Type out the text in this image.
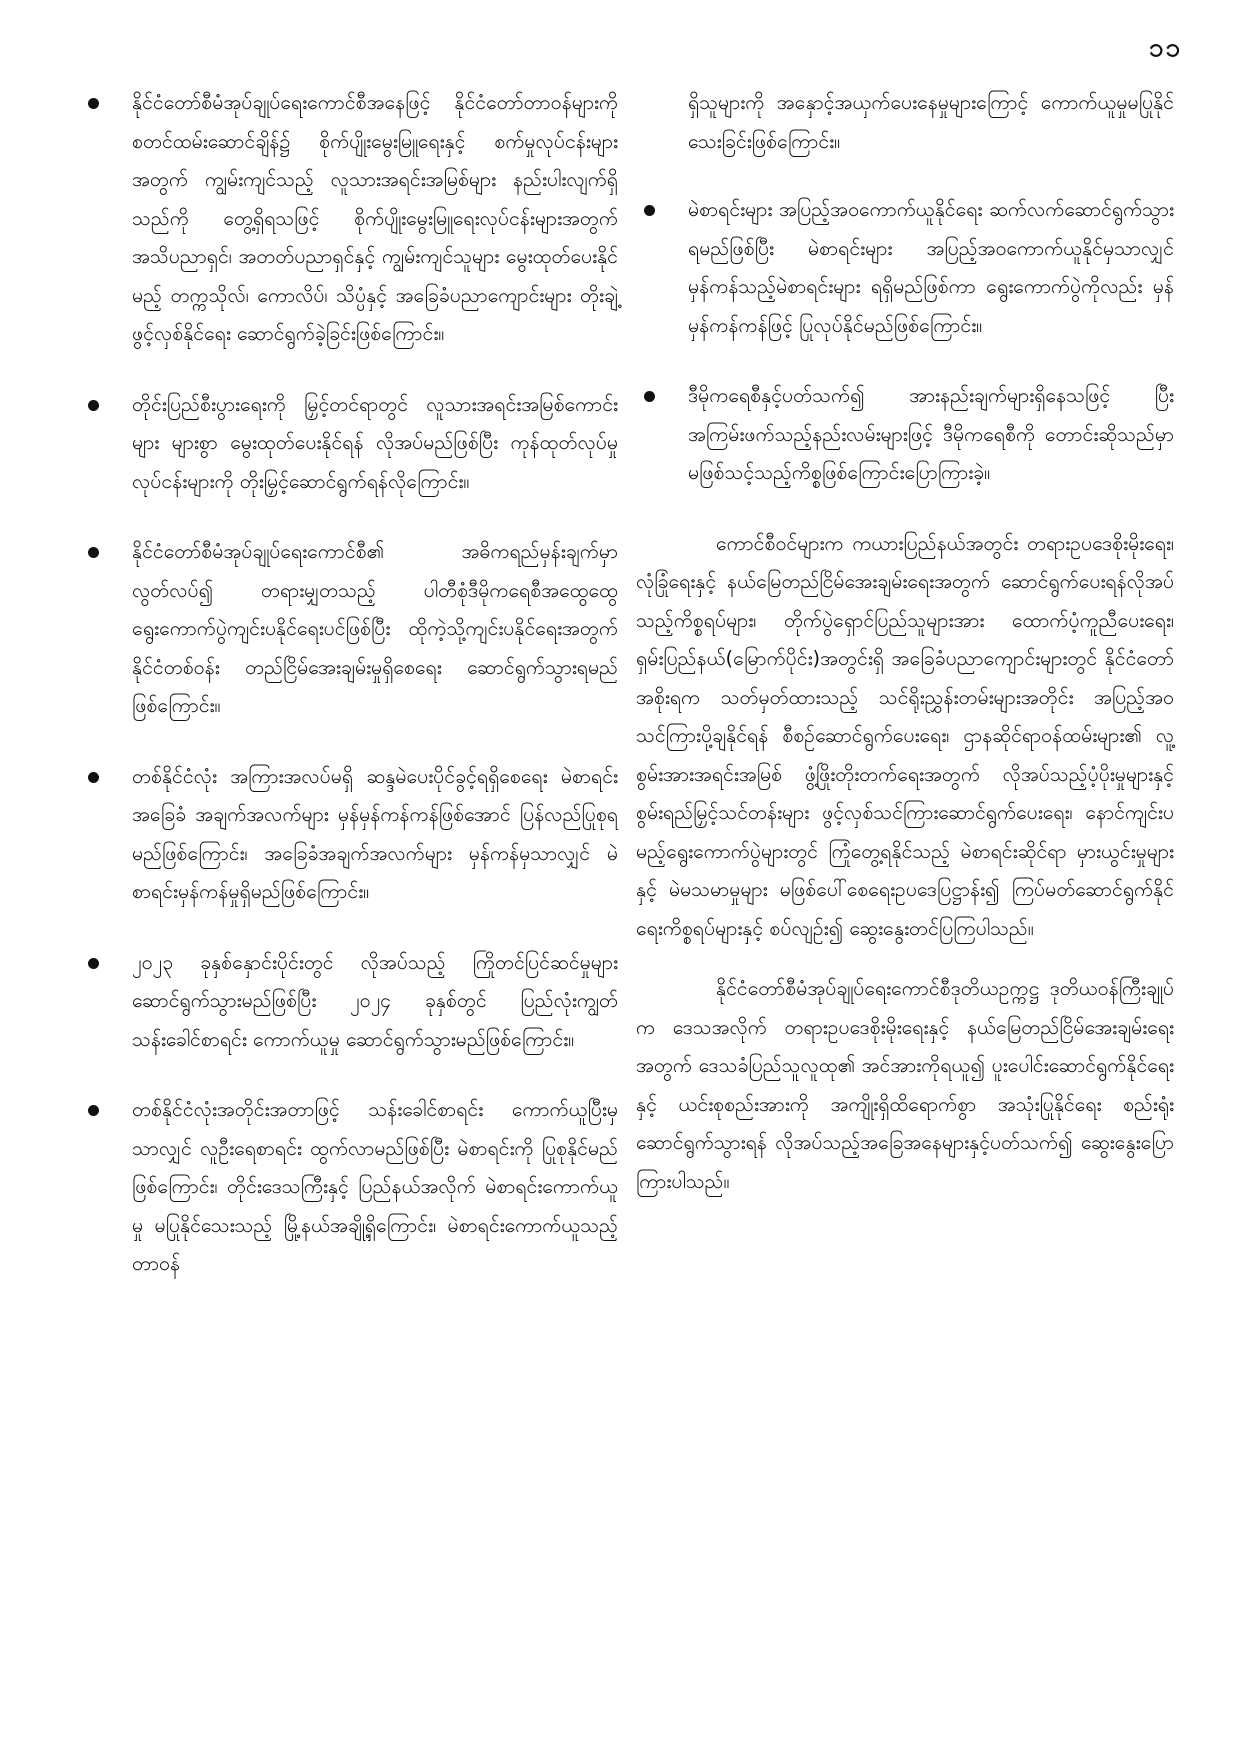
၁၁
နိုင်ငံတော်စီမံအုပ်ချုပ်ရေးကောင်စီအနေဖြင့် နိုင်ငံတော်တာဝန်များကို စတင်ထမ်းဆောင်ချိန်၌ စိုက်ပျိုးမွေးမြူရေးနှင့် စက်မှုလုပ်ငန်းများအတွက် ကျွမ်းကျင်သည့် လူသားအရင်းအမြစ်များ နည်းပါးလျက်ရှိသည်ကို တွေ့ရှိရသဖြင့် စိုက်ပျိုးမွေးမြူရေးလုပ်ငန်းများအတွက် အသိပညာရှင်၊ အတတ်ပညာရှင်နှင့် ကျွမ်းကျင်သူများ မွေးထုတ်ပေးနိုင်မည့် တက္ကသိုလ်၊ ကောလိပ်၊ သိပ္ပံနှင့် အခြေခံပညာကျောင်းများ တိုးချဲ့ဖွင့်လှစ်နိုင်ရေး ဆောင်ရွက်ခဲ့ခြင်းဖြစ်ကြောင်း။
တိုင်းပြည်စီးပွားရေးကို မြှင့်တင်ရာတွင် လူသားအရင်းအမြစ်ကောင်းများ များစွာ မွေးထုတ်ပေးနိုင်ရန် လိုအပ်မည်ဖြစ်ပြီး ကုန်ထုတ်လုပ်မှုလုပ်ငန်းများကို တိုးမြှင့်ဆောင်ရွက်ရန်လိုကြောင်း။
နိုင်ငံတော်စီမံအုပ်ချုပ်ရေးကောင်စီ၏ အဓိကရည်မှန်းချက်မှာ လွတ်လပ်၍ တရားမျှတသည့် ပါတီစုံဒီမိုကရေစီအထွေထွေ ရွေးကောက်ပွဲကျင်းပနိုင်ရေးပင်ဖြစ်ပြီး ထိုကဲ့သို့ကျင်းပနိုင်ရေးအတွက် နိုင်ငံတစ်ဝန်း တည်ငြိမ်အေးချမ်းမှုရှိစေရေး ဆောင်ရွက်သွားရမည်ဖြစ်ကြောင်း။
တစ်နိုင်ငံလုံး အကြားအလပ်မရှိ ဆန္ဒမဲပေးပိုင်ခွင့်ရရှိစေရေး မဲစာရင်းအခြေခံ အချက်အလက်များ မှန်မှန်ကန်ကန်ဖြစ်အောင် ပြန်လည်ပြုစုရမည်ဖြစ်ကြောင်း၊ အခြေခံအချက်အလက်များ မှန်ကန်မှသာလျှင် မဲစာရင်းမှန်ကန်မှုရှိမည်ဖြစ်ကြောင်း။
၂၀၂၃ ခုနှစ်နှောင်းပိုင်းတွင် လိုအပ်သည့် ကြိုတင်ပြင်ဆင်မှုများ ဆောင်ရွက်သွားမည်ဖြစ်ပြီး ၂၀၂၄ ခုနှစ်တွင် ပြည်လုံးကျွတ်သန်းခေါင်စာရင်း ကောက်ယူမှု ဆောင်ရွက်သွားမည်ဖြစ်ကြောင်း။
တစ်နိုင်ငံလုံးအတိုင်းအတာဖြင့် သန်းခေါင်စာရင်း ကောက်ယူပြီးမှသာလျှင် လူဦးရေစာရင်း ထွက်လာမည်ဖြစ်ပြီး မဲစာရင်းကို ပြုစုနိုင်မည်ဖြစ်ကြောင်း၊ တိုင်းဒေသကြီးနှင့် ပြည်နယ်အလိုက် မဲစာရင်းကောက်ယူမှု မပြုနိုင်သေးသည့် မြို့နယ်အချို့ရှိကြောင်း၊ မဲစာရင်းကောက်ယူသည့် တာဝန်
ရှိသူများကို အနှောင့်အယှက်ပေးနေမှုများကြောင့် ကောက်ယူမှုမပြုနိုင်သေးခြင်းဖြစ်ကြောင်း။
မဲစာရင်းများ အပြည့်အဝကောက်ယူနိုင်ရေး ဆက်လက်ဆောင်ရွက်သွားရမည်ဖြစ်ပြီး မဲစာရင်းများ အပြည့်အဝကောက်ယူနိုင်မှသာလျှင် မှန်ကန်သည့်မဲစာရင်းများ ရရှိမည်ဖြစ်ကာ ရွေးကောက်ပွဲကိုလည်း မှန်မှန်ကန်ကန်ဖြင့် ပြုလုပ်နိုင်မည်ဖြစ်ကြောင်း။
ဒီမိုကရေစီနှင့်ပတ်သက်၍ အားနည်းချက်များရှိနေသဖြင့် ပြီး အကြမ်းဖက်သည့်နည်းလမ်းများဖြင့် ဒီမိုကရေစီကို တောင်းဆိုသည်မှာ မဖြစ်သင့်သည့်ကိစ္စဖြစ်ကြောင်းပြောကြားခဲ့။

ကောင်စီဝင်များက ကယားပြည်နယ်အတွင်း တရားဥပဒေစိုးမိုးရေး၊ လုံခြုံရေးနှင့် နယ်မြေတည်ငြိမ်အေးချမ်းရေးအတွက် ဆောင်ရွက်ပေးရန်လိုအပ်သည့်ကိစ္စရပ်များ၊ တိုက်ပွဲရှောင်ပြည်သူများအား ထောက်ပံ့ကူညီပေးရေး၊ ရှမ်းပြည်နယ်(မြောက်ပိုင်း)အတွင်းရှိ အခြေခံပညာကျောင်းများတွင် နိုင်ငံတော်အစိုးရက သတ်မှတ်ထားသည့် သင်ရိုးညွှန်းတမ်းများအတိုင်း အပြည့်အဝသင်ကြားပို့ချနိုင်ရန် စီစဉ်ဆောင်ရွက်ပေးရေး၊ ဌာနဆိုင်ရာဝန်ထမ်းများ၏ လူ့စွမ်းအားအရင်းအမြစ် ဖွံ့ဖြိုးတိုးတက်ရေးအတွက် လိုအပ်သည့်ပံ့ပိုးမှုများနှင့် စွမ်းရည်မြှင့်သင်တန်းများ ဖွင့်လှစ်သင်ကြားဆောင်ရွက်ပေးရေး၊ နောင်ကျင်းပမည့်ရွေးကောက်ပွဲများတွင် ကြုံတွေ့ရနိုင်သည့် မဲစာရင်းဆိုင်ရာ မှားယွင်းမှုများနှင့် မဲမသမာမှုများ မဖြစ်ပေါ်စေရေးဥပဒေပြဋ္ဌာန်း၍ ကြပ်မတ်ဆောင်ရွက်နိုင်ရေးကိစ္စရပ်များနှင့် စပ်လျဉ်း၍ ဆွေးနွေးတင်ပြကြပါသည်။

နိုင်ငံတော်စီမံအုပ်ချုပ်ရေးကောင်စီဒုတိယဥက္ကဋ္ဌ ဒုတိယဝန်ကြီးချုပ်က ဒေသအလိုက် တရားဥပဒေစိုးမိုးရေးနှင့် နယ်မြေတည်ငြိမ်အေးချမ်းရေးအတွက် ဒေသခံပြည်သူလူထု၏ အင်အားကိုရယူ၍ ပူးပေါင်းဆောင်ရွက်နိုင်ရေးနှင့် ယင်းစုစည်းအားကို အကျိုးရှိထိရောက်စွာ အသုံးပြုနိုင်ရေး စည်းရုံးဆောင်ရွက်သွားရန် လိုအပ်သည့်အခြေအနေများနှင့်ပတ်သက်၍ ဆွေးနွေးပြောကြားပါသည်။
